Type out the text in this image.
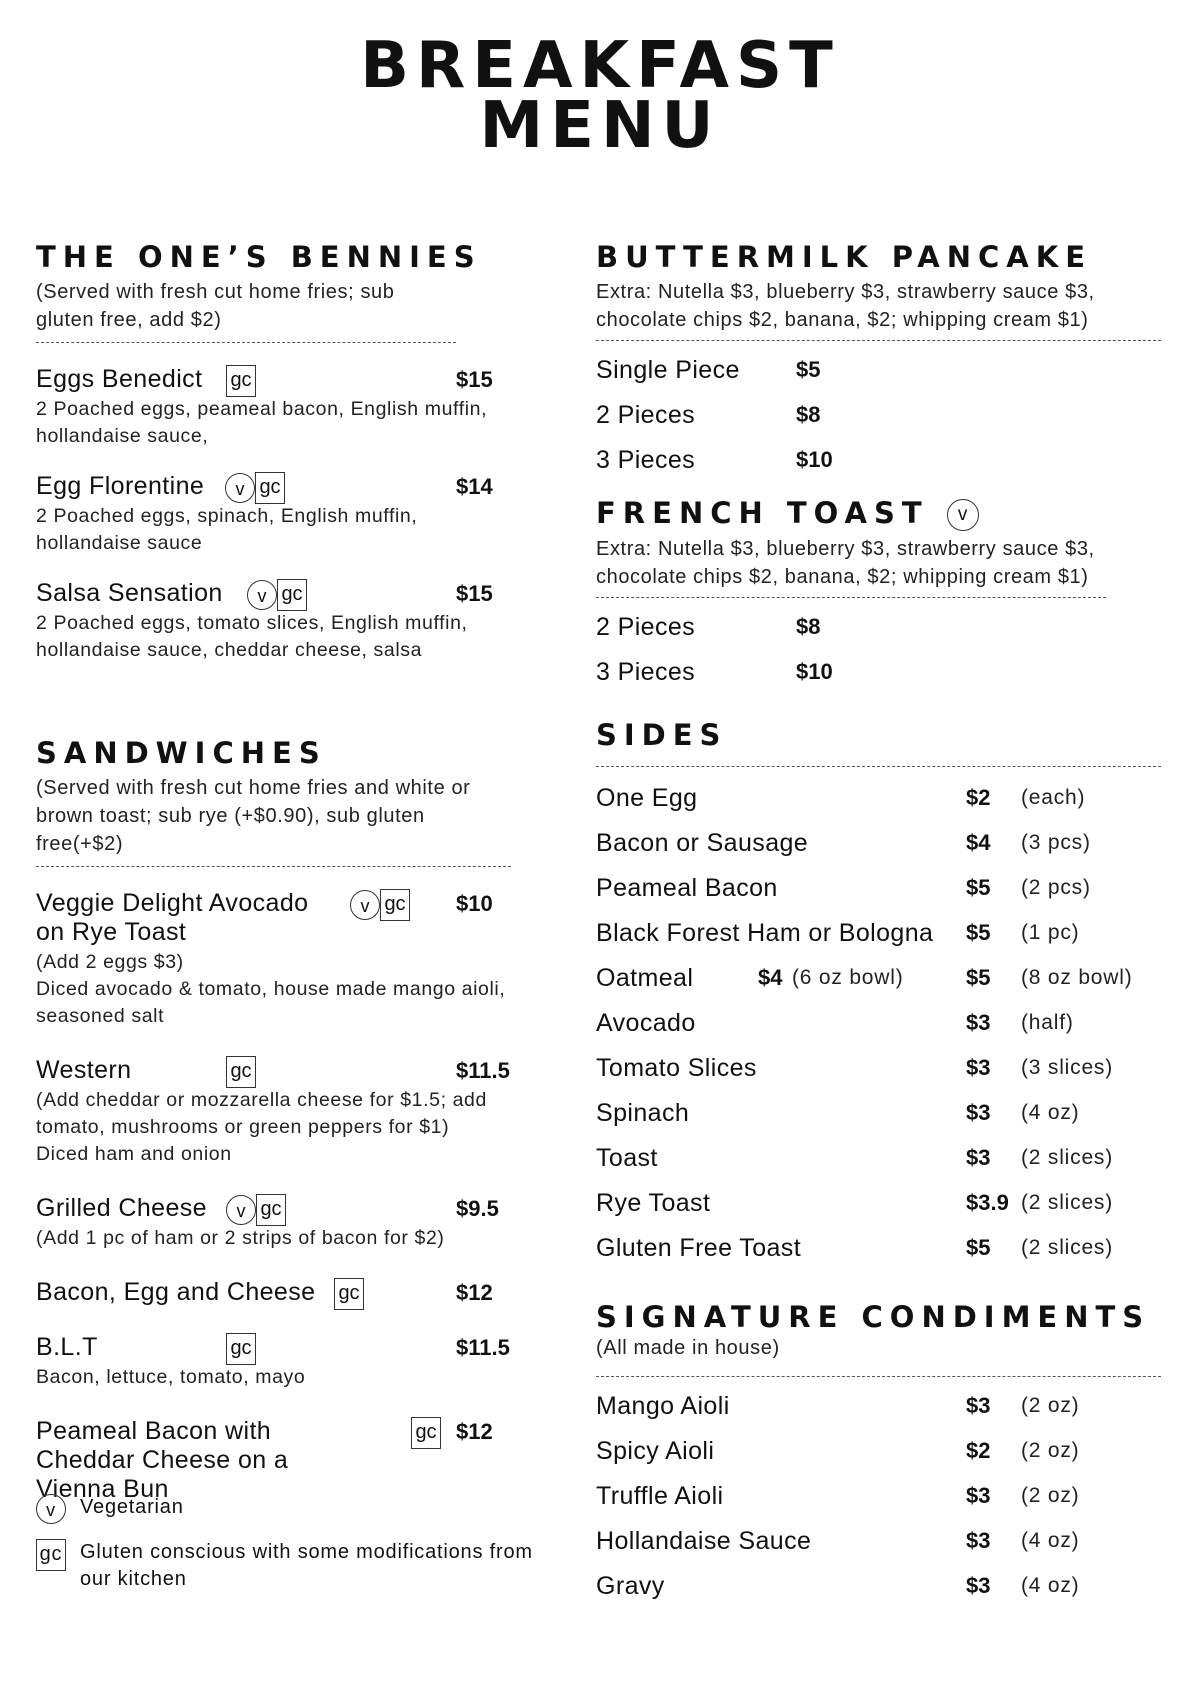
BREAKFAST
MENU
THE ONE’S BENNIES
(Served with fresh cut home fries; sub gluten free, add $2)
Eggs Benedict	gc	$15
2 Poached eggs, peameal bacon, English muffin, hollandaise sauce,
Egg Florentine	v gc	$14
2 Poached eggs, spinach, English muffin, hollandaise sauce
Salsa Sensation	v gc	$15
2 Poached eggs, tomato slices, English muffin, hollandaise sauce, cheddar cheese, salsa
SANDWICHES
(Served with fresh cut home fries and white or brown toast; sub rye (+$0.90), sub gluten free(+$2)
Veggie Delight Avocado on Rye Toast
v gc $10
(Add 2 eggs $3)
Diced avocado & tomato, house made mango aioli, seasoned salt
Western	gc	$11.5
(Add cheddar or mozzarella cheese for $1.5; add tomato, mushrooms or green peppers for $1)
Diced ham and onion
Grilled Cheese	v gc	$9.5
(Add 1 pc of ham or 2 strips of bacon for $2)
Bacon, Egg and Cheese	gc	$12
B.L.T	gc	$11.5
Bacon, lettuce, tomato, mayo
Peameal Bacon with Cheddar Cheese on a Vienna Bun
gc $12
BUTTERMILK PANCAKE
Extra: Nutella $3, blueberry $3, strawberry sauce $3, chocolate chips $2, banana, $2; whipping cream $1)
Single Piece	$5
2 Pieces	$8
3 Pieces	$10
FRENCH TOAST v
Extra: Nutella $3, blueberry $3, strawberry sauce $3, chocolate chips $2, banana, $2; whipping cream $1)
2 Pieces	$8
3 Pieces	$10
SIDES
One Egg	$2 (each)
Bacon or Sausage	$4 (3 pcs)
Peameal Bacon	$5 (2 pcs)
Black Forest Ham or Bologna $5 (1 pc)
Oatmeal	$4 (6 oz bowl)	$5 (8 oz bowl)
Avocado	$3 (half)
Tomato Slices	$3 (3 slices)
Spinach	$3 (4 oz)
Toast	$3 (2 slices)
Rye Toast	$3.9 (2 slices)
Gluten Free Toast	$5 (2 slices)
SIGNATURE CONDIMENTS
(All made in house)
Mango Aioli	$3 (2 oz)
Spicy Aioli	$2 (2 oz)
Truffle Aioli	$3 (2 oz)
Hollandaise Sauce	$3 (4 oz)
Gravy	$3 (4 oz)
v	Vegetarian
gc Gluten conscious with some modifications from our kitchen
